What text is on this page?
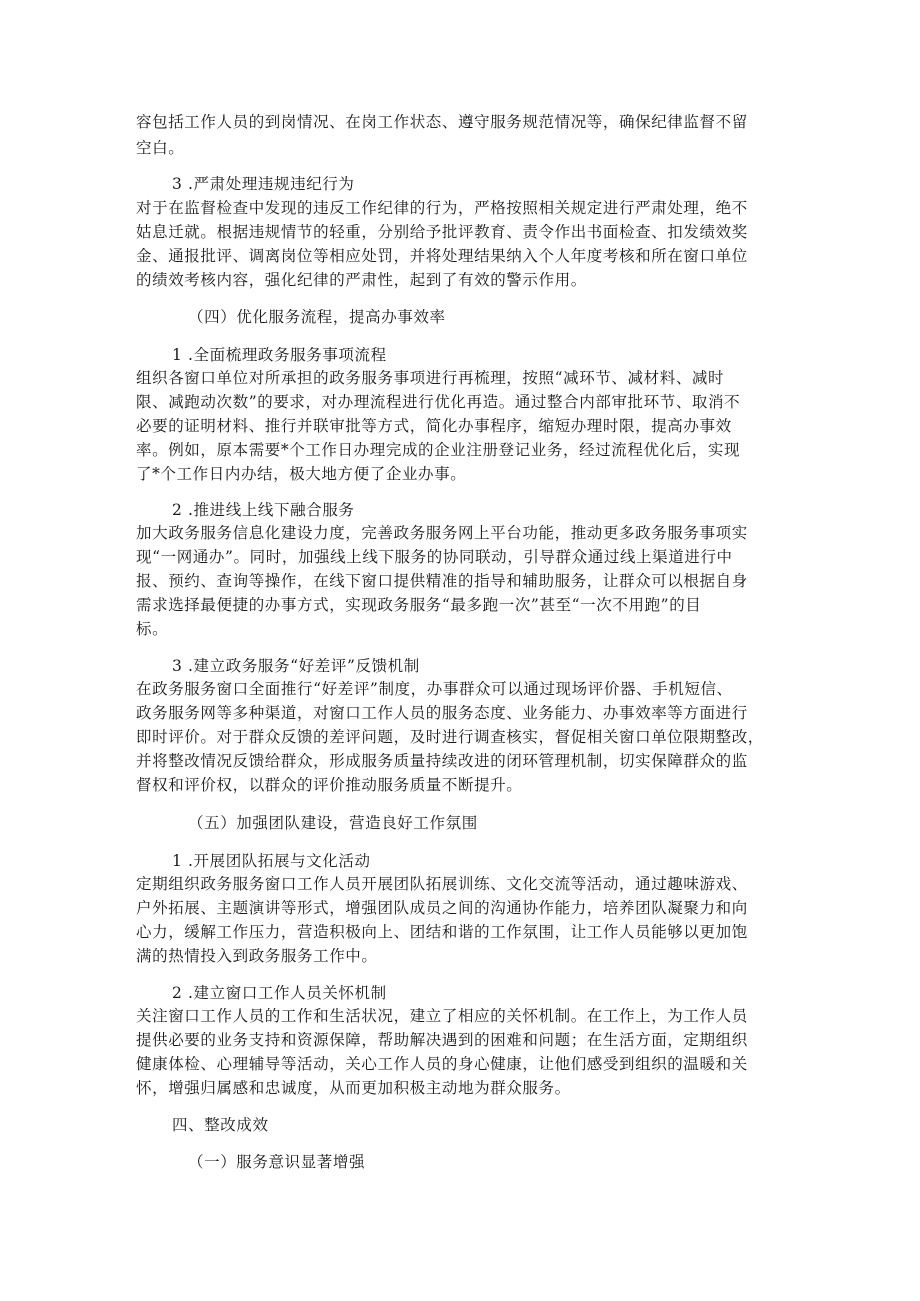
容包括工作人员的到岗情况、在岗工作状态、遵守服务规范情况等，确保纪律监督不留
空白。
3 .严肃处理违规违纪行为
对于在监督检查中发现的违反工作纪律的行为，严格按照相关规定进行严肃处理，绝不
姑息迁就。根据违规情节的轻重，分别给予批评教育、责令作出书面检查、扣发绩效奖
金、通报批评、调离岗位等相应处罚，并将处理结果纳入个人年度考核和所在窗口单位
的绩效考核内容，强化纪律的严肃性，起到了有效的警示作用。
（四）优化服务流程，提高办事效率
1 .全面梳理政务服务事项流程
组织各窗口单位对所承担的政务服务事项进行再梳理，按照“减环节、减材料、减时
限、减跑动次数”的要求，对办理流程进行优化再造。通过整合内部审批环节、取消不
必要的证明材料、推行并联审批等方式，简化办事程序，缩短办理时限，提高办事效
率。例如，原本需要*个工作日办理完成的企业注册登记业务，经过流程优化后，实现
了*个工作日内办结，极大地方便了企业办事。
2 .推进线上线下融合服务
加大政务服务信息化建设力度，完善政务服务网上平台功能，推动更多政务服务事项实
现“一网通办”。同时，加强线上线下服务的协同联动，引导群众通过线上渠道进行中
报、预约、查询等操作，在线下窗口提供精准的指导和辅助服务，让群众可以根据自身
需求选择最便捷的办事方式，实现政务服务“最多跑一次”甚至“一次不用跑”的目
标。
3 .建立政务服务“好差评”反馈机制
在政务服务窗口全面推行“好差评”制度，办事群众可以通过现场评价器、手机短信、
政务服务网等多种渠道，对窗口工作人员的服务态度、业务能力、办事效率等方面进行
即时评价。对于群众反馈的差评问题，及时进行调查核实，督促相关窗口单位限期整改，
并将整改情况反馈给群众，形成服务质量持续改进的闭环管理机制，切实保障群众的监
督权和评价权，以群众的评价推动服务质量不断提升。
（五）加强团队建设，营造良好工作氛围
1 .开展团队拓展与文化活动
定期组织政务服务窗口工作人员开展团队拓展训练、文化交流等活动，通过趣味游戏、
户外拓展、主题演讲等形式，增强团队成员之间的沟通协作能力，培养团队凝聚力和向
心力，缓解工作压力，营造积极向上、团结和谐的工作氛围，让工作人员能够以更加饱
满的热情投入到政务服务工作中。
2 .建立窗口工作人员关怀机制
关注窗口工作人员的工作和生活状况，建立了相应的关怀机制。在工作上，为工作人员
提供必要的业务支持和资源保障，帮助解决遇到的困难和问题；在生活方面，定期组织
健康体检、心理辅导等活动，关心工作人员的身心健康，让他们感受到组织的温暖和关
怀，增强归属感和忠诚度，从而更加积极主动地为群众服务。
四、整改成效
（一）服务意识显著增强
